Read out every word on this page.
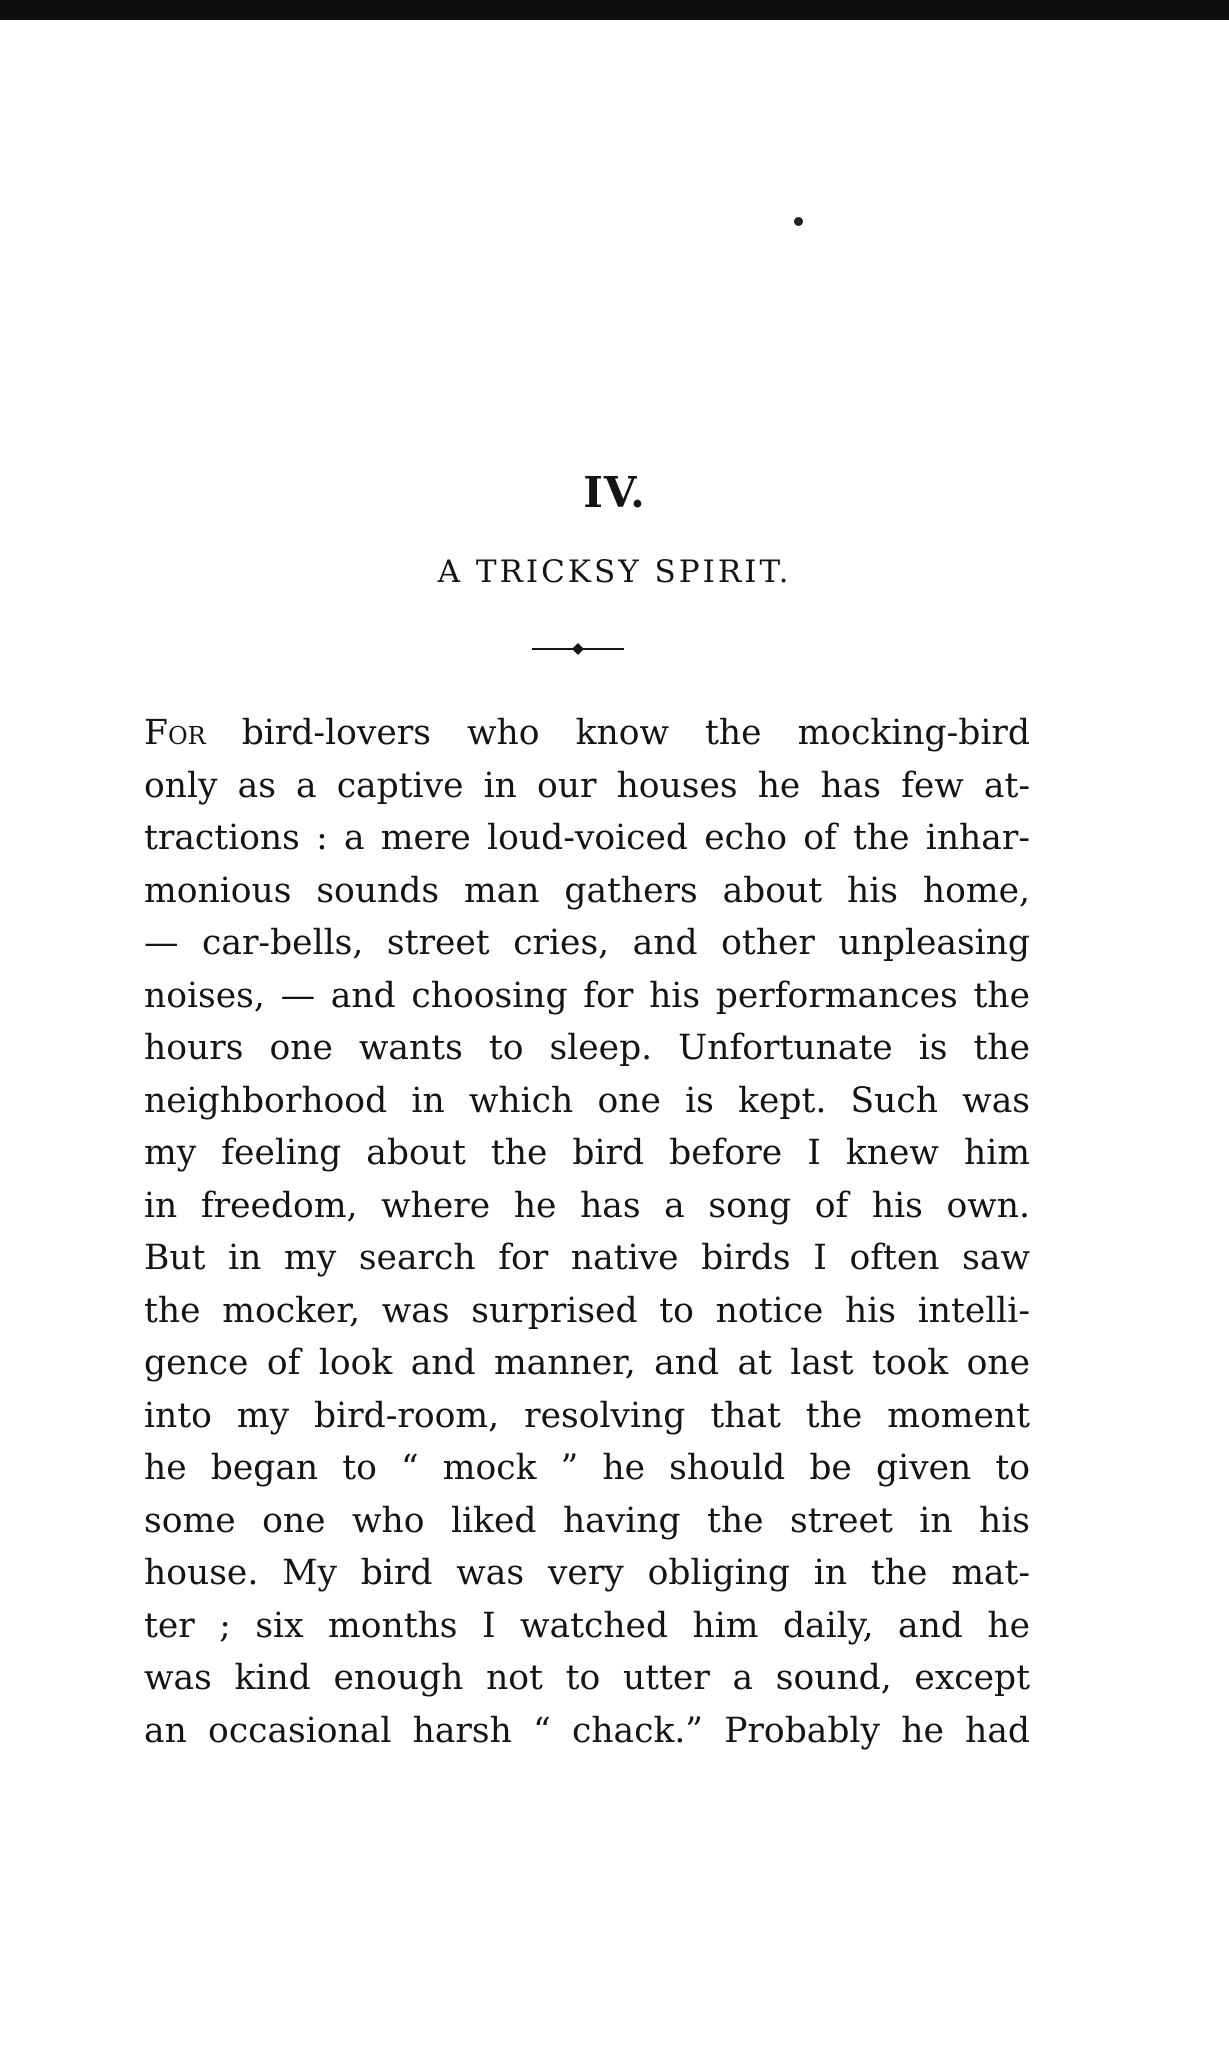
IV.
A TRICKSY SPIRIT.
For bird-lovers who know the mocking-bird
only as a captive in our houses he has few at-
tractions : a mere loud-voiced echo of the inhar-
monious sounds man gathers about his home,
— car-bells, street cries, and other unpleasing
noises, — and choosing for his performances the
hours one wants to sleep. Unfortunate is the
neighborhood in which one is kept. Such was
my feeling about the bird before I knew him
in freedom, where he has a song of his own.
But in my search for native birds I often saw
the mocker, was surprised to notice his intelli-
gence of look and manner, and at last took one
into my bird-room, resolving that the moment
he began to “ mock ” he should be given to
some one who liked having the street in his
house. My bird was very obliging in the mat-
ter ; six months I watched him daily, and he
was kind enough not to utter a sound, except
an occasional harsh “ chack.” Probably he had
